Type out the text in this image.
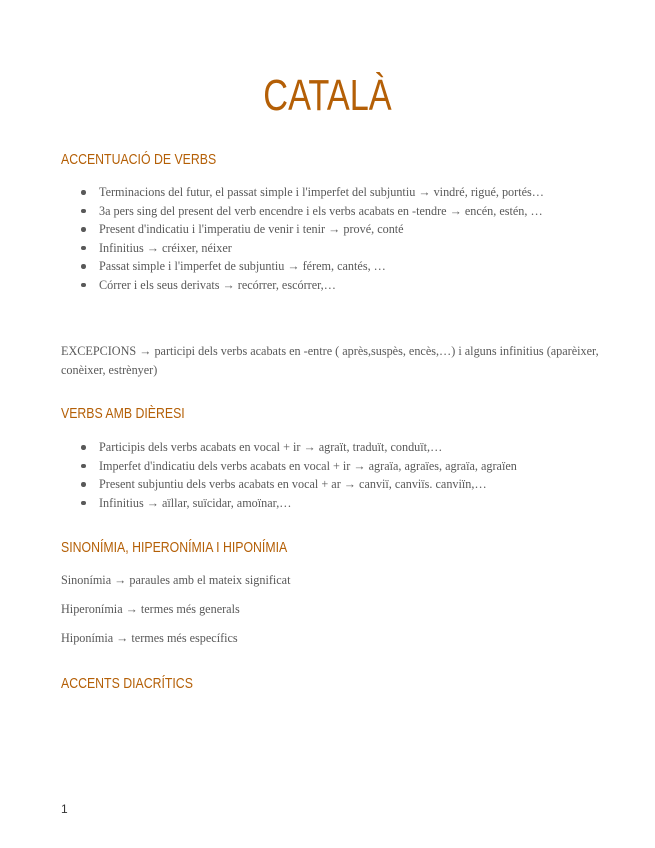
CATALÀ
ACCENTUACIÓ DE VERBS
Terminacions del futur, el passat simple i l'imperfet del subjuntiu → vindré, rigué, portés…
3a pers sing del present del verb encendre i els verbs acabats en -tendre → encén, estén, …
Present d'indicatiu i l'imperatiu de venir i tenir → prové, conté
Infinitius → créixer, néixer
Passat simple i l'imperfet de subjuntiu → férem, cantés, …
Córrer i els seus derivats → recórrer, escórrer,…

EXCEPCIONS → participi dels verbs acabats en -entre ( après,suspès, encès,…) i alguns infinitius (aparèixer, conèixer, estrènyer)

VERBS AMB DIÈRESI
Participis dels verbs acabats en vocal + ir → agraït, traduït, conduït,…
Imperfet d'indicatiu dels verbs acabats en vocal + ir → agraïa, agraïes, agraïa, agraïen
Present subjuntiu dels verbs acabats en vocal + ar → canviï, canviïs. canviïn,…
Infinitius → aïllar, suïcidar, amoïnar,…
SINONÍMIA, HIPERONÍMIA I HIPONÍMIA

Sinonímia → paraules amb el mateix significat

Hiperonímia → termes més generals

Hiponímia → termes més específics

ACCENTS DIACRÍTICS
1
